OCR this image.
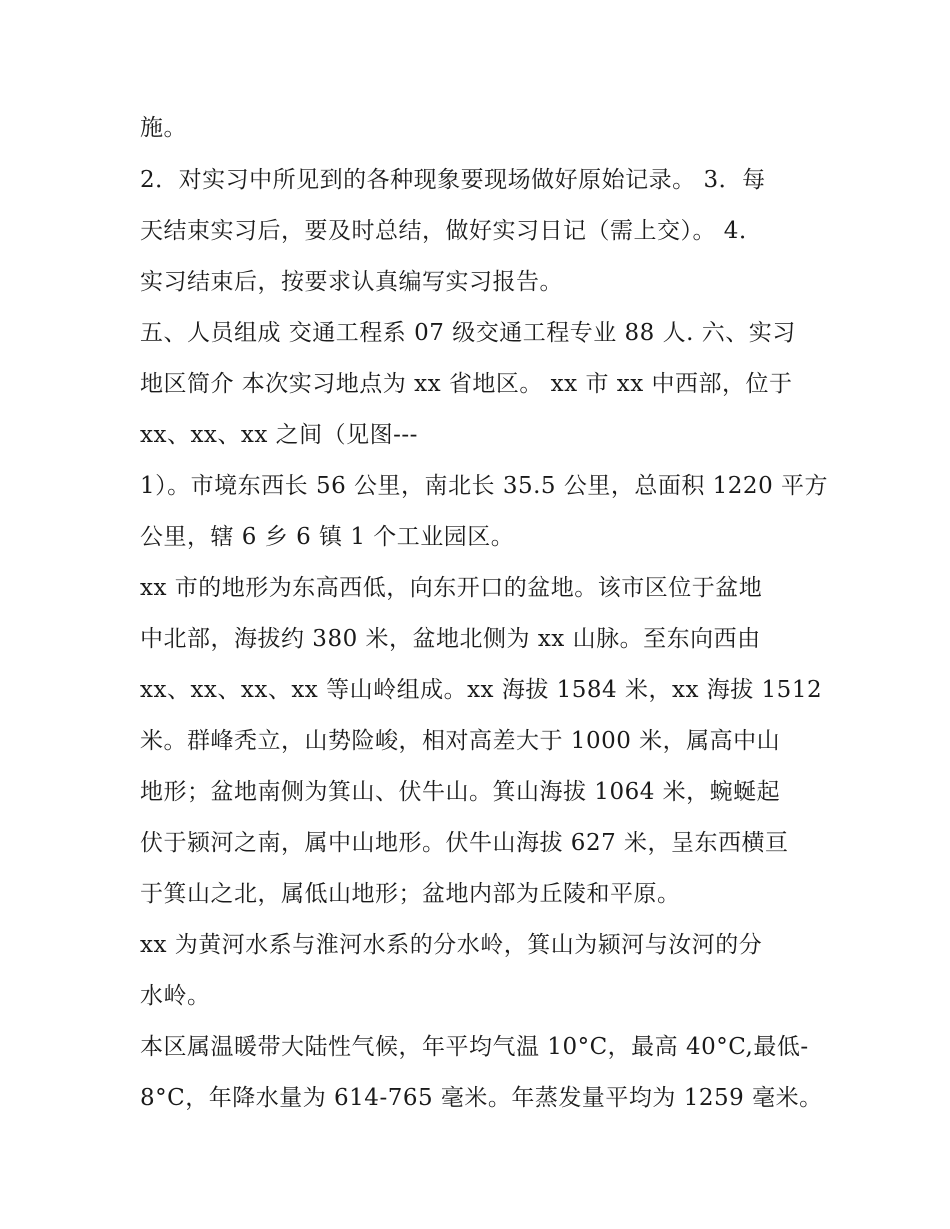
施。

2．对实习中所见到的各种现象要现场做好原始记录。 3．每

天结束实习后，要及时总结，做好实习日记（需上交）。 4．

实习结束后，按要求认真编写实习报告。

五、人员组成 交通工程系 07 级交通工程专业 88 人. 六、实习

地区简介 本次实习地点为 xx 省地区。 xx 市 xx 中西部，位于

xx、xx、xx 之间（见图---

1）。市境东西长 56 公里，南北长 35.5 公里，总面积 1220 平方

公里，辖 6 乡 6 镇 1 个工业园区。

xx 市的地形为东高西低，向东开口的盆地。该市区位于盆地

中北部，海拔约 380 米，盆地北侧为 xx 山脉。至东向西由

xx、xx、xx、xx 等山岭组成。xx 海拔 1584 米，xx 海拔 1512

米。群峰秃立，山势险峻，相对高差大于 1000 米，属高中山

地形；盆地南侧为箕山、伏牛山。箕山海拔 1064 米，蜿蜒起

伏于颍河之南，属中山地形。伏牛山海拔 627 米，呈东西横亘

于箕山之北，属低山地形；盆地内部为丘陵和平原。

xx 为黄河水系与淮河水系的分水岭，箕山为颍河与汝河的分

水岭。

本区属温暖带大陆性气候，年平均气温 10°C，最高 40°C,最低-

8°C，年降水量为 614-765 毫米。年蒸发量平均为 1259 毫米。
